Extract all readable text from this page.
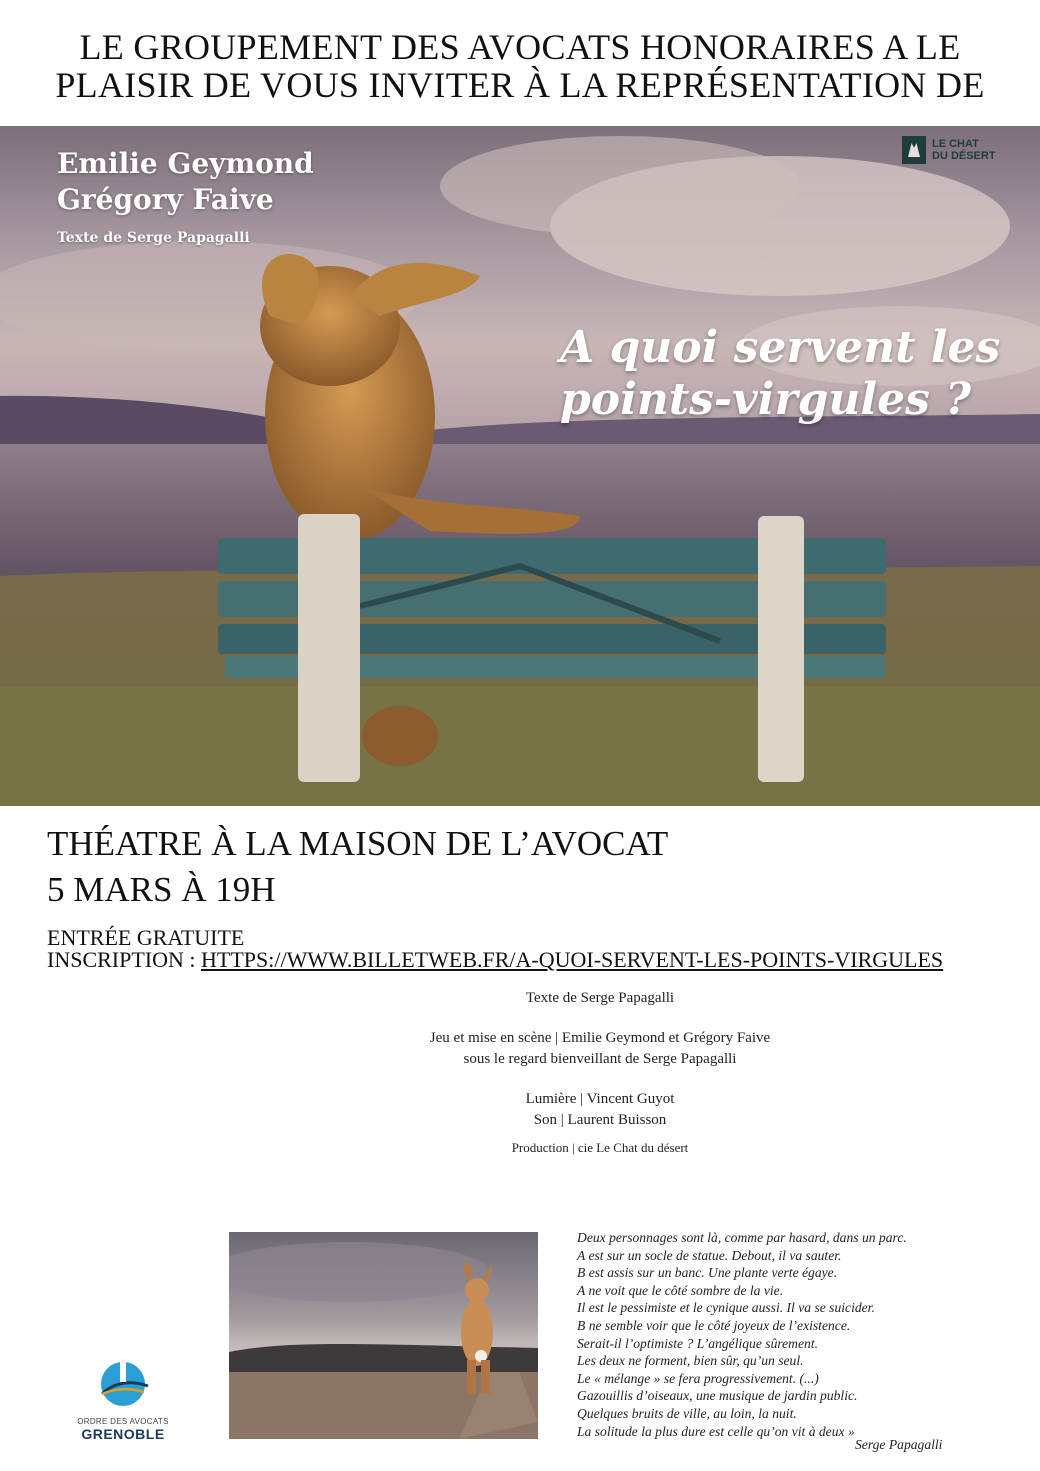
LE GROUPEMENT DES AVOCATS HONORAIRES A LE
PLAISIR DE VOUS INVITER À LA REPRÉSENTATION DE
Emilie Geymond
Grégory Faive
Texte de Serge Papagalli
A quoi servent les
points-virgules ?
LE CHAT
DU DÉSERT
THÉATRE À LA MAISON DE L’AVOCAT
5 MARS À 19H
ENTRÉE GRATUITE
INSCRIPTION : HTTPS://WWW.BILLETWEB.FR/A-QUOI-SERVENT-LES-POINTS-VIRGULES

Texte de Serge Papagalli

Jeu et mise en scène | Emilie Geymond et Grégory Faive

sous le regard bienveillant de Serge Papagalli

Lumière | Vincent Guyot

Son | Laurent Buisson

Production | cie Le Chat du désert

ORDRE DES AVOCATS
GRENOBLE

Deux personnages sont là, comme par hasard, dans un parc.

A est sur un socle de statue. Debout, il va sauter.

B est assis sur un banc. Une plante verte égaye.

A ne voit que le côté sombre de la vie.

Il est le pessimiste et le cynique aussi. Il va se suicider.

B ne semble voir que le côté joyeux de l’existence.

Serait-il l’optimiste ? L’angélique sûrement.

Les deux ne forment, bien sûr, qu’un seul.

Le « mélange » se fera progressivement. (...)

Gazouillis d’oiseaux, une musique de jardin public.

Quelques bruits de ville, au loin, la nuit.

La solitude la plus dure est celle qu’on vit à deux »

Serge Papagalli
